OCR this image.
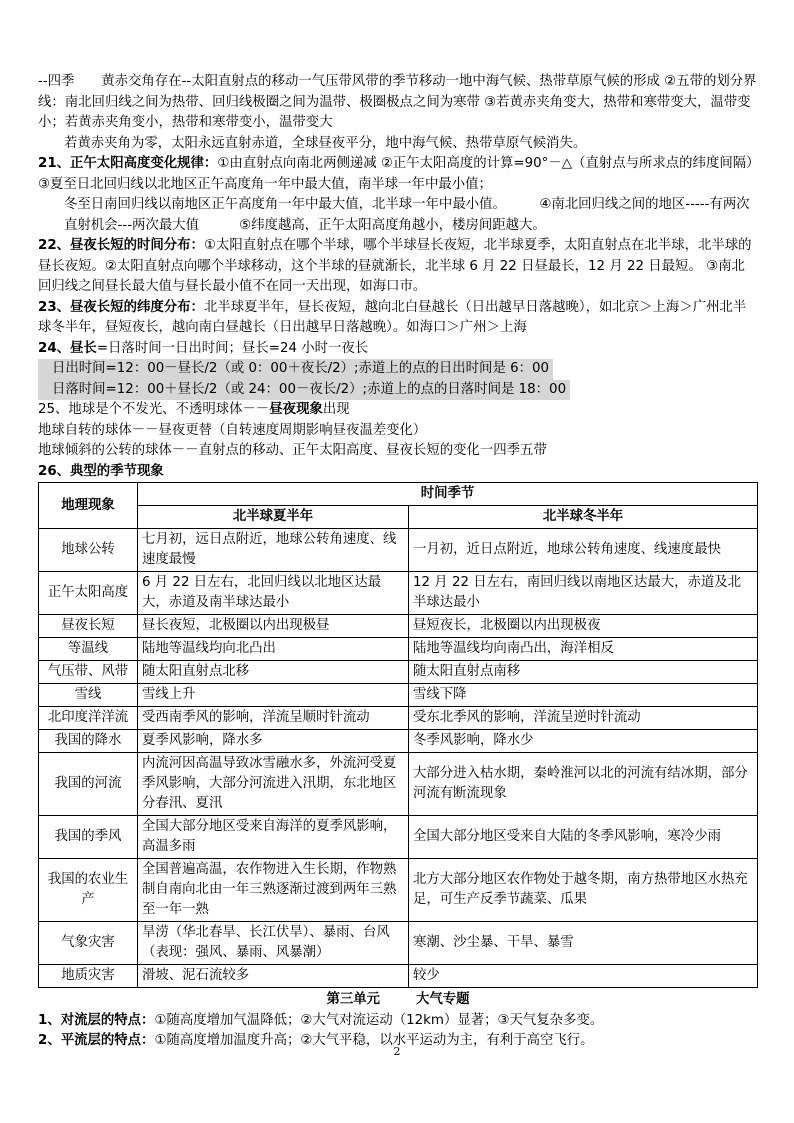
--四季　　黄赤交角存在--太阳直射点的移动一气压带风带的季节移动一地中海气候、热带草原气候的形成 ②五带的划分界线：南北回归线之间为热带、回归线极圈之间为温带、极圈极点之间为寒带 ③若黄赤夹角变大，热带和寒带变大，温带变小；若黄赤夹角变小，热带和寒带变小，温带变大

若黄赤夹角为零，太阳永远直射赤道，全球昼夜平分，地中海气候、热带草原气候消失。

21、正午太阳高度变化规律：①由直射点向南北两侧递减 ②正午太阳高度的计算=90°－△（直射点与所求点的纬度间隔）③夏至日北回归线以北地区正午高度角一年中最大值，南半球一年中最小值；

冬至日南回归线以南地区正午高度角一年中最大值，北半球一年中最小值。　　　④南北回归线之间的地区-----有两次直射机会---两次最大值　　　⑤纬度越高，正午太阳高度角越小，楼房间距越大。

22、昼夜长短的时间分布：①太阳直射点在哪个半球，哪个半球昼长夜短，北半球夏季，太阳直射点在北半球，北半球的昼长夜短。②太阳直射点向哪个半球移动，这个半球的昼就渐长，北半球 6 月 22 日昼最长，12 月 22 日最短。 ③南北回归线之间昼长最大值与昼长最小值不在同一天出现，如海口市。

23、昼夜长短的纬度分布：北半球夏半年，昼长夜短，越向北白昼越长（日出越早日落越晚），如北京＞上海＞广州北半球冬半年，昼短夜长，越向南白昼越长（日出越早日落越晚）。如海口＞广州＞上海

24、昼长=日落时间一日出时间；昼长=24 小时一夜长

日出时间=12：00－昼长/2（或 0：00＋夜长/2）;赤道上的点的日出时间是 6：00

日落时间=12：00＋昼长/2（或 24：00－夜长/2）;赤道上的点的日落时间是 18：00

25、地球是个不发光、不透明球体－－昼夜现象出现

地球自转的球体－－昼夜更替（自转速度周期影响昼夜温差变化）

地球倾斜的公转的球体－－直射点的移动、正午太阳高度、昼夜长短的变化一四季五带

26、典型的季节现象

地理现象	时间季节	
	北半球夏半年	北半球冬半年
地球公转	七月初，远日点附近，地球公转角速度、线速度最慢	一月初，近日点附近，地球公转角速度、线速度最快
正午太阳高度	6 月 22 日左右，北回归线以北地区达最大，赤道及南半球达最小	12 月 22 日左右，南回归线以南地区达最大，赤道及北半球达最小
昼夜长短	昼长夜短，北极圈以内出现极昼	昼短夜长，北极圈以内出现极夜
等温线	陆地等温线均向北凸出	陆地等温线均向南凸出，海洋相反
气压带、风带	随太阳直射点北移	随太阳直射点南移
雪线	雪线上升	雪线下降
北印度洋洋流	受西南季风的影响，洋流呈顺时针流动	受东北季风的影响，洋流呈逆时针流动
我国的降水	夏季风影响，降水多	冬季风影响，降水少
我国的河流	内流河因高温导致冰雪融水多，外流河受夏季风影响，大部分河流进入汛期，东北地区分春汛、夏汛	大部分进入枯水期，秦岭淮河以北的河流有结冰期，部分河流有断流现象
我国的季风	全国大部分地区受来自海洋的夏季风影响，高温多雨	全国大部分地区受来自大陆的冬季风影响，寒冷少雨
我国的农业生产	全国普遍高温，农作物进入生长期，作物熟制自南向北由一年三熟逐渐过渡到两年三熟至一年一熟	北方大部分地区农作物处于越冬期，南方热带地区水热充足，可生产反季节蔬菜、瓜果
气象灾害	旱涝（华北春旱、长江伏旱）、暴雨、台风（表现：强风、暴雨、风暴潮）	寒潮、沙尘暴、干旱、暴雪
地质灾害	滑坡、泥石流较多	较少
第三单元	大气专题

1、对流层的特点：①随高度增加气温降低；②大气对流运动（12km）显著；③天气复杂多变。

2、平流层的特点：①随高度增加温度升高；②大气平稳，以水平运动为主，有利于高空飞行。

2
